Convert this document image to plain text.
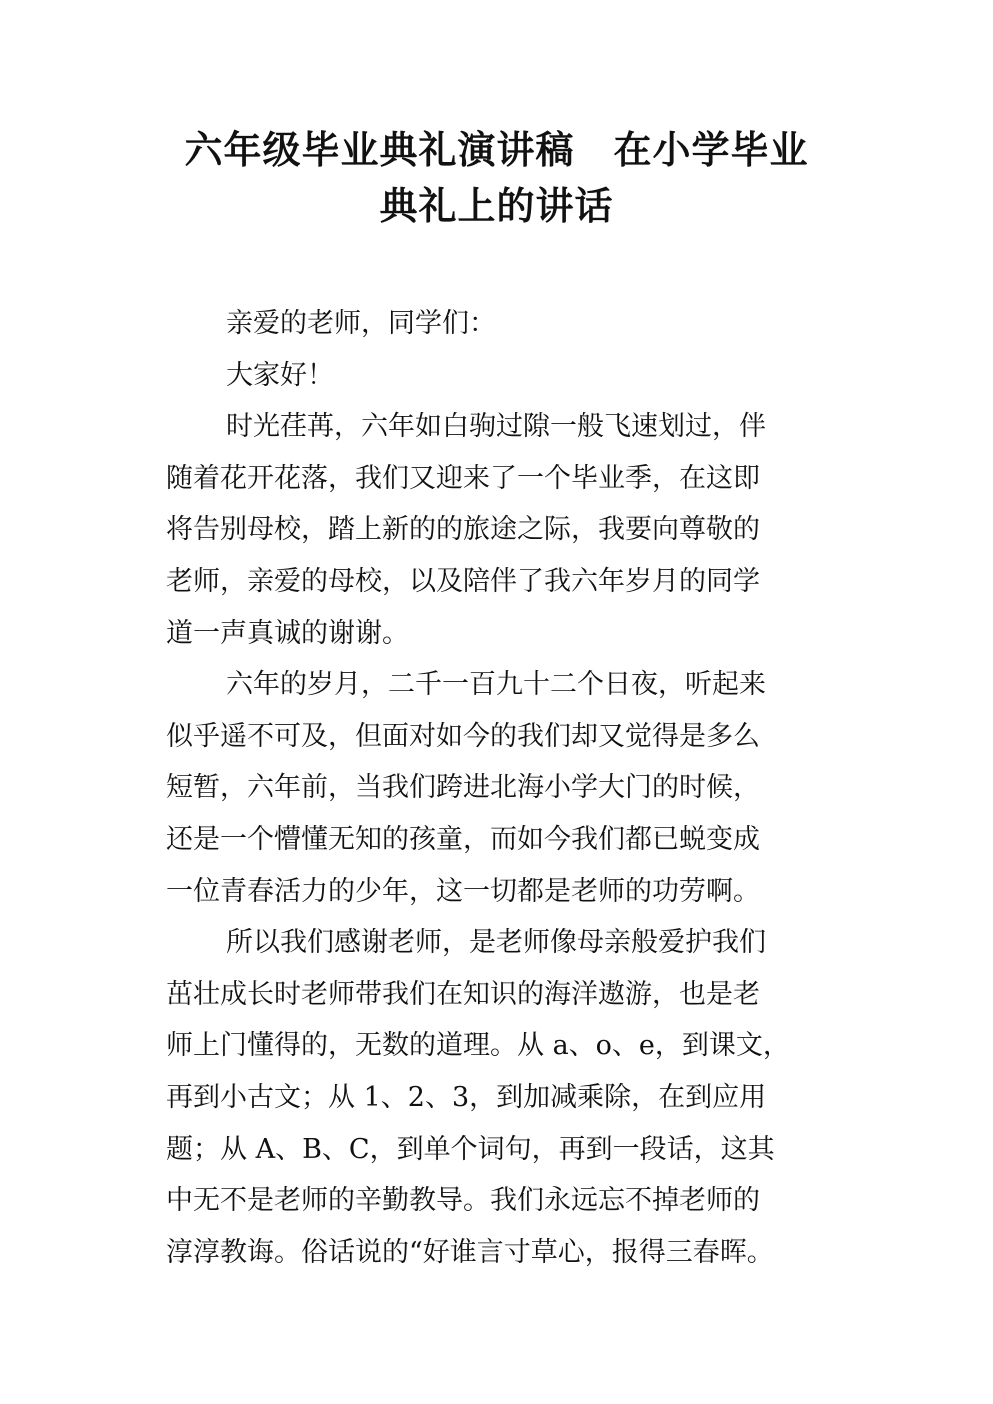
六年级毕业典礼演讲稿　在小学毕业
典礼上的讲话

亲爱的老师，同学们：

大家好！

时光荏苒，六年如白驹过隙一般飞速划过，伴
随着花开花落，我们又迎来了一个毕业季，在这即
将告别母校，踏上新的的旅途之际，我要向尊敬的
老师，亲爱的母校，以及陪伴了我六年岁月的同学
道一声真诚的谢谢。

六年的岁月，二千一百九十二个日夜，听起来
似乎遥不可及，但面对如今的我们却又觉得是多么
短暂，六年前，当我们跨进北海小学大门的时候，
还是一个懵懂无知的孩童，而如今我们都已蜕变成
一位青春活力的少年，这一切都是老师的功劳啊。

所以我们感谢老师，是老师像母亲般爱护我们
茁壮成长时老师带我们在知识的海洋遨游，也是老
师上门懂得的，无数的道理。从 a、o、e，到课文，
再到小古文；从 1、2、3，到加减乘除，在到应用
题；从 A、B、C，到单个词句，再到一段话，这其
中无不是老师的辛勤教导。我们永远忘不掉老师的
淳淳教诲。俗话说的“好谁言寸草心，报得三春晖。
